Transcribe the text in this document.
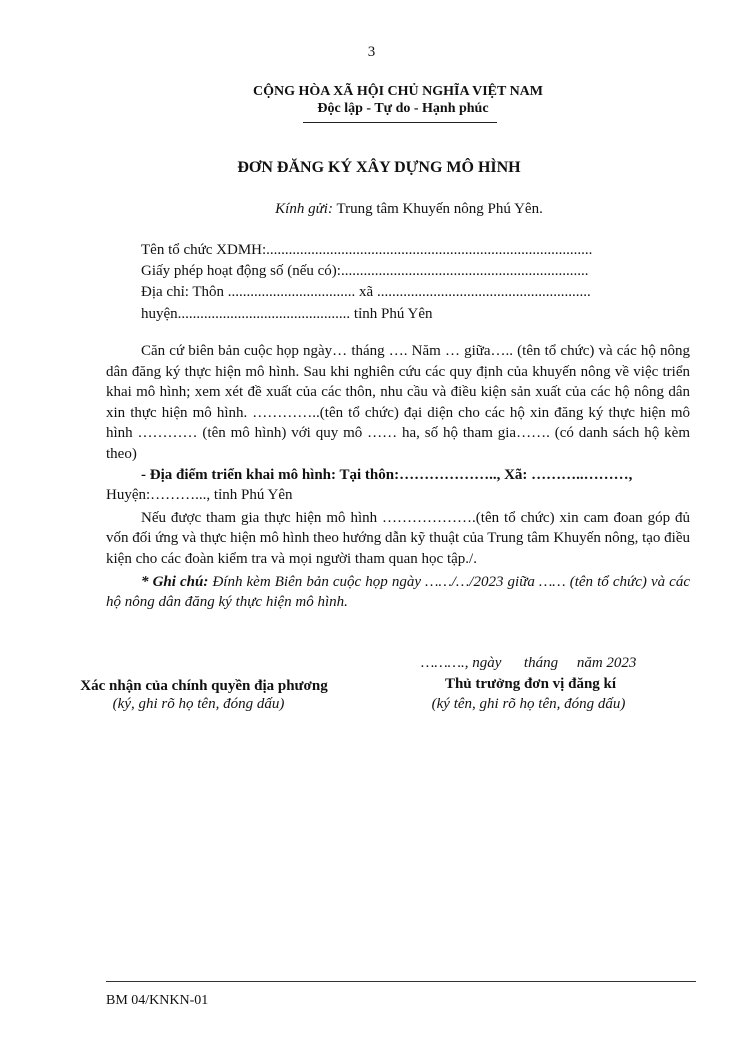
3
CỘNG HÒA XÃ HỘI CHỦ NGHĨA VIỆT NAM
Độc lập - Tự do - Hạnh phúc
ĐƠN ĐĂNG KÝ XÂY DỰNG MÔ HÌNH
Kính gửi: Trung tâm Khuyến nông Phú Yên.
Tên tổ chức XDMH:.......................................................................................
Giấy phép hoạt động số (nếu có):..................................................................
Địa chỉ: Thôn .................................. xã .........................................................
huyện.............................................. tỉnh Phú Yên

Căn cứ biên bản cuộc họp ngày… tháng …. Năm … giữa….. (tên tổ chức) và các hộ nông dân đăng ký thực hiện mô hình. Sau khi nghiên cứu các quy định của khuyến nông về việc triển khai mô hình; xem xét đề xuất của các thôn, nhu cầu và điều kiện sản xuất của các hộ nông dân xin thực hiện mô hình. …………..(tên tổ chức) đại diện cho các hộ xin đăng ký thực hiện mô hình ………… (tên mô hình) với quy mô …… ha, số hộ tham gia……. (có danh sách hộ kèm theo)

- Địa điểm triển khai mô hình: Tại thôn:……………….., Xã: ………..………,

Huyện:………..., tỉnh Phú Yên

Nếu được tham gia thực hiện mô hình ……………….(tên tổ chức) xin cam đoan góp đủ vốn đối ứng và thực hiện mô hình theo hướng dẫn kỹ thuật của Trung tâm Khuyến nông, tạo điều kiện cho các đoàn kiểm tra và mọi người tham quan học tập./.

* Ghi chú: Đính kèm Biên bản cuộc họp ngày ……/…/2023 giữa …… (tên tổ chức) và các hộ nông dân đăng ký thực hiện mô hình.

………., ngày      tháng     năm 2023
Xác nhận của chính quyền địa phương
(ký, ghi rõ họ tên, đóng dấu)
Thủ trưởng đơn vị đăng kí
(ký tên, ghi rõ họ tên, đóng dấu)
BM 04/KNKN-01
